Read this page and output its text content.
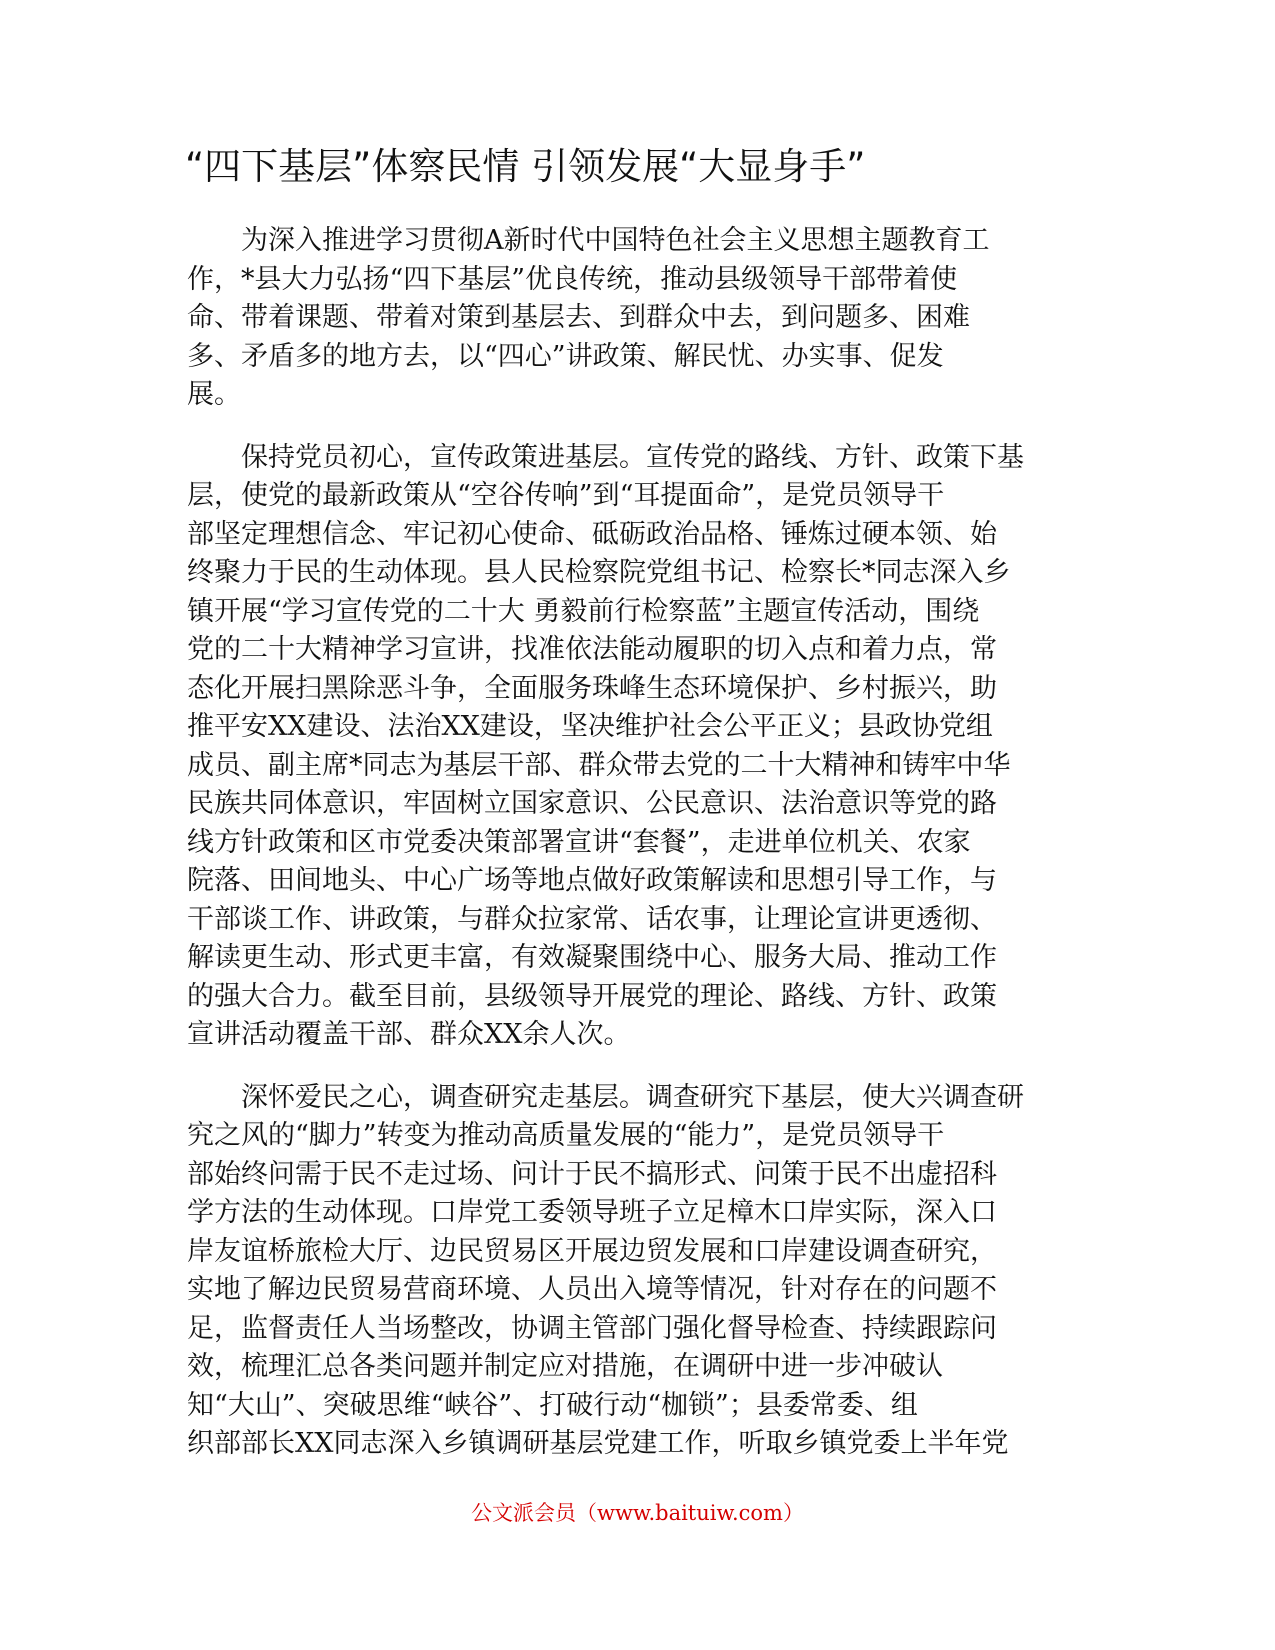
“四下基层”体察民情 引领发展“大显身手”

　　为深入推进学习贯彻A新时代中国特色社会主义思想主题教育工
作，*县大力弘扬“四下基层”优良传统，推动县级领导干部带着使
命、带着课题、带着对策到基层去、到群众中去，到问题多、困难
多、矛盾多的地方去，以“四心”讲政策、解民忧、办实事、促发
展。

　　保持党员初心，宣传政策进基层。宣传党的路线、方针、政策下基
层，使党的最新政策从“空谷传响”到“耳提面命”，是党员领导干
部坚定理想信念、牢记初心使命、砥砺政治品格、锤炼过硬本领、始
终聚力于民的生动体现。县人民检察院党组书记、检察长*同志深入乡
镇开展“学习宣传党的二十大 勇毅前行检察蓝”主题宣传活动，围绕
党的二十大精神学习宣讲，找准依法能动履职的切入点和着力点，常
态化开展扫黑除恶斗争，全面服务珠峰生态环境保护、乡村振兴，助
推平安XX建设、法治XX建设，坚决维护社会公平正义；县政协党组
成员、副主席*同志为基层干部、群众带去党的二十大精神和铸牢中华
民族共同体意识，牢固树立国家意识、公民意识、法治意识等党的路
线方针政策和区市党委决策部署宣讲“套餐”，走进单位机关、农家
院落、田间地头、中心广场等地点做好政策解读和思想引导工作，与
干部谈工作、讲政策，与群众拉家常、话农事，让理论宣讲更透彻、
解读更生动、形式更丰富，有效凝聚围绕中心、服务大局、推动工作
的强大合力。截至目前，县级领导开展党的理论、路线、方针、政策
宣讲活动覆盖干部、群众XX余人次。

　　深怀爱民之心，调查研究走基层。调查研究下基层，使大兴调查研
究之风的“脚力”转变为推动高质量发展的“能力”，是党员领导干
部始终问需于民不走过场、问计于民不搞形式、问策于民不出虚招科
学方法的生动体现。口岸党工委领导班子立足樟木口岸实际，深入口
岸友谊桥旅检大厅、边民贸易区开展边贸发展和口岸建设调查研究，
实地了解边民贸易营商环境、人员出入境等情况，针对存在的问题不
足，监督责任人当场整改，协调主管部门强化督导检查、持续跟踪问
效，梳理汇总各类问题并制定应对措施，在调研中进一步冲破认
知“大山”、突破思维“峡谷”、打破行动“枷锁”；县委常委、组
织部部长XX同志深入乡镇调研基层党建工作，听取乡镇党委上半年党

公文派会员（www.baituiw.com）
